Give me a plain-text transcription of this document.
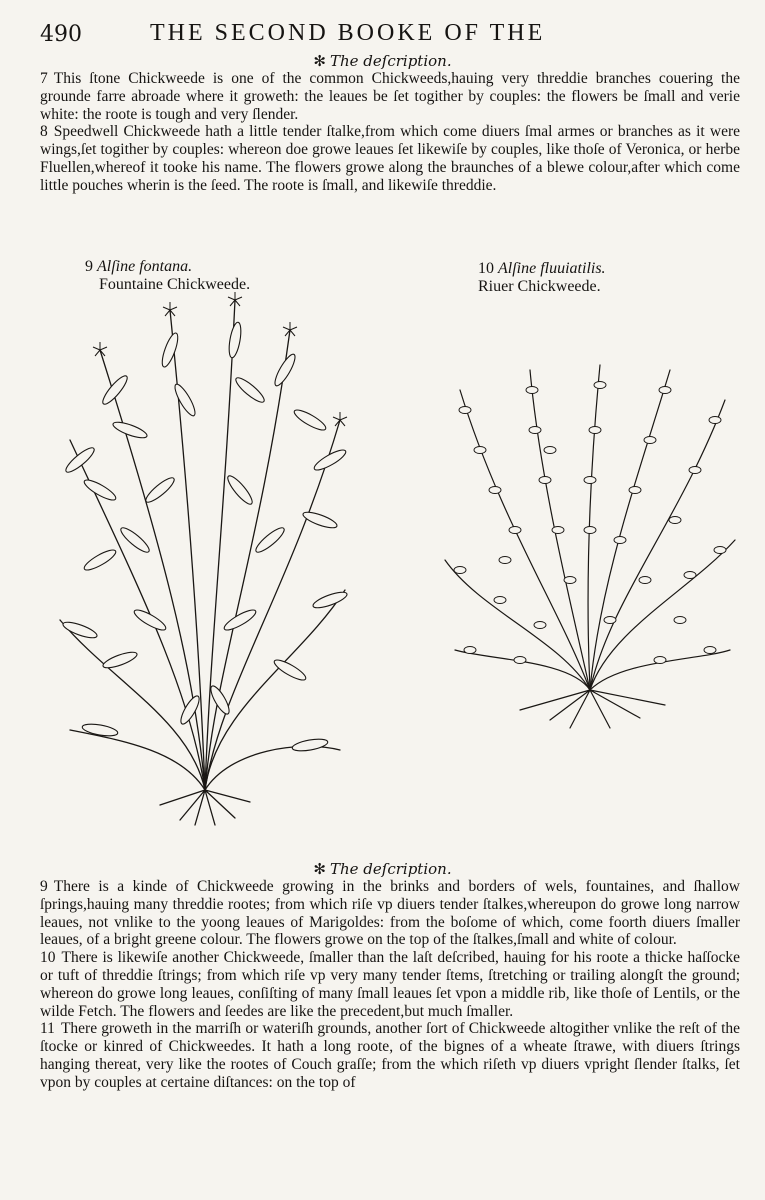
490	THE SECOND BOOKE OF THE
✻ The deſcription.

7 This ſtone Chickweede is one of the common Chickweeds,hauing very threddie branches couering the grounde farre abroade where it groweth: the leaues be ſet togither by couples: the flowers be ſmall and verie white: the roote is tough and very ſlender.

8 Speedwell Chickweede hath a little tender ſtalke,from which come diuers ſmal armes or branches as it were wings,ſet togither by couples: whereon doe growe leaues ſet likewiſe by couples, like thoſe of Veronica, or herbe Fluellen,whereof it tooke his name. The flowers growe along the braunches of a blewe colour,after which come little pouches wherin is the ſeed. The roote is ſmall, and likewiſe threddie.

9 Alſine fontana.
Fountaine Chickweede.
10 Alſine fluuiatilis.
Riuer Chickweede.
✻ The deſcription.

9 There is a kinde of Chickweede growing in the brinks and borders of wels, fountaines, and ſhallow ſprings,hauing many threddie rootes; from which riſe vp diuers tender ſtalkes,whereupon do growe long narrow leaues, not vnlike to the yoong leaues of Marigoldes: from the boſome of which, come foorth diuers ſmaller leaues, of a bright greene colour. The flowers growe on the top of the ſtalkes,ſmall and white of colour.

10 There is likewiſe another Chickweede, ſmaller than the laſt deſcribed, hauing for his roote a thicke haſſocke or tuft of threddie ſtrings; from which riſe vp very many tender ſtems, ſtretching or trailing alongſt the ground; whereon do growe long leaues, conſiſting of many ſmall leaues ſet vpon a middle rib, like thoſe of Lentils, or the wilde Fetch. The flowers and ſeedes are like the precedent,but much ſmaller.

11 There groweth in the marriſh or wateriſh grounds, another ſort of Chickweede altogither vnlike the reſt of the ſtocke or kinred of Chickweedes. It hath a long roote, of the bignes of a wheate ſtrawe, with diuers ſtrings hanging thereat, very like the rootes of Couch graſſe; from the which riſeth vp diuers vpright ſlender ſtalks, ſet vpon by couples at certaine diſtances: on the top of
